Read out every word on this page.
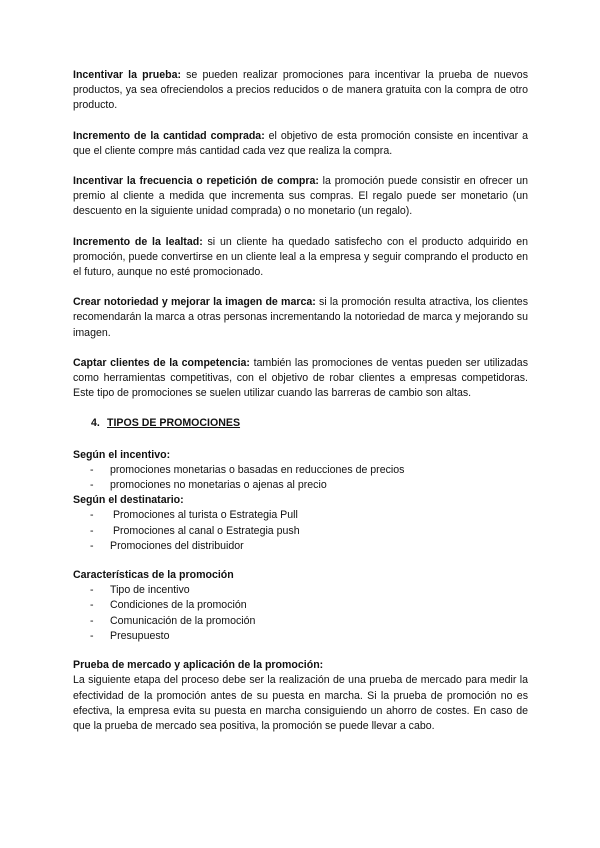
Incentivar la prueba: se pueden realizar promociones para incentivar la prueba de nuevos productos, ya sea ofreciendolos a precios reducidos o de manera gratuita con la compra de otro producto.

Incremento de la cantidad comprada: el objetivo de esta promoción consiste en incentivar a que el cliente compre más cantidad cada vez que realiza la compra.

Incentivar la frecuencia o repetición de compra: la promoción puede consistir en ofrecer un premio al cliente a medida que incrementa sus compras. El regalo puede ser monetario (un descuento en la siguiente unidad comprada) o no monetario (un regalo).

Incremento de la lealtad: si un cliente ha quedado satisfecho con el producto adquirido en promoción, puede convertirse en un cliente leal a la empresa y seguir comprando el producto en el futuro, aunque no esté promocionado.

Crear notoriedad y mejorar la imagen de marca: si la promoción resulta atractiva, los clientes recomendarán la marca a otras personas incrementando la notoriedad de marca y mejorando su imagen.

Captar clientes de la competencia: también las promociones de ventas pueden ser utilizadas como herramientas competitivas, con el objetivo de robar clientes a empresas competidoras. Este tipo de promociones se suelen utilizar cuando las barreras de cambio son altas.

4. TIPOS DE PROMOCIONES

Según el incentivo:

- promociones monetarias o basadas en reducciones de precios
- promociones no monetarias o ajenas al precio

Según el destinatario:

- Promociones al turista o Estrategia Pull
- Promociones al canal o Estrategia push
- Promociones del distribuidor

Características de la promoción

- Tipo de incentivo
- Condiciones de la promoción
- Comunicación de la promoción
- Presupuesto

Prueba de mercado y aplicación de la promoción:

La siguiente etapa del proceso debe ser la realización de una prueba de mercado para medir la efectividad de la promoción antes de su puesta en marcha. Si la prueba de promoción no es efectiva, la empresa evita su puesta en marcha consiguiendo un ahorro de costes. En caso de que la prueba de mercado sea positiva, la promoción se puede llevar a cabo.
